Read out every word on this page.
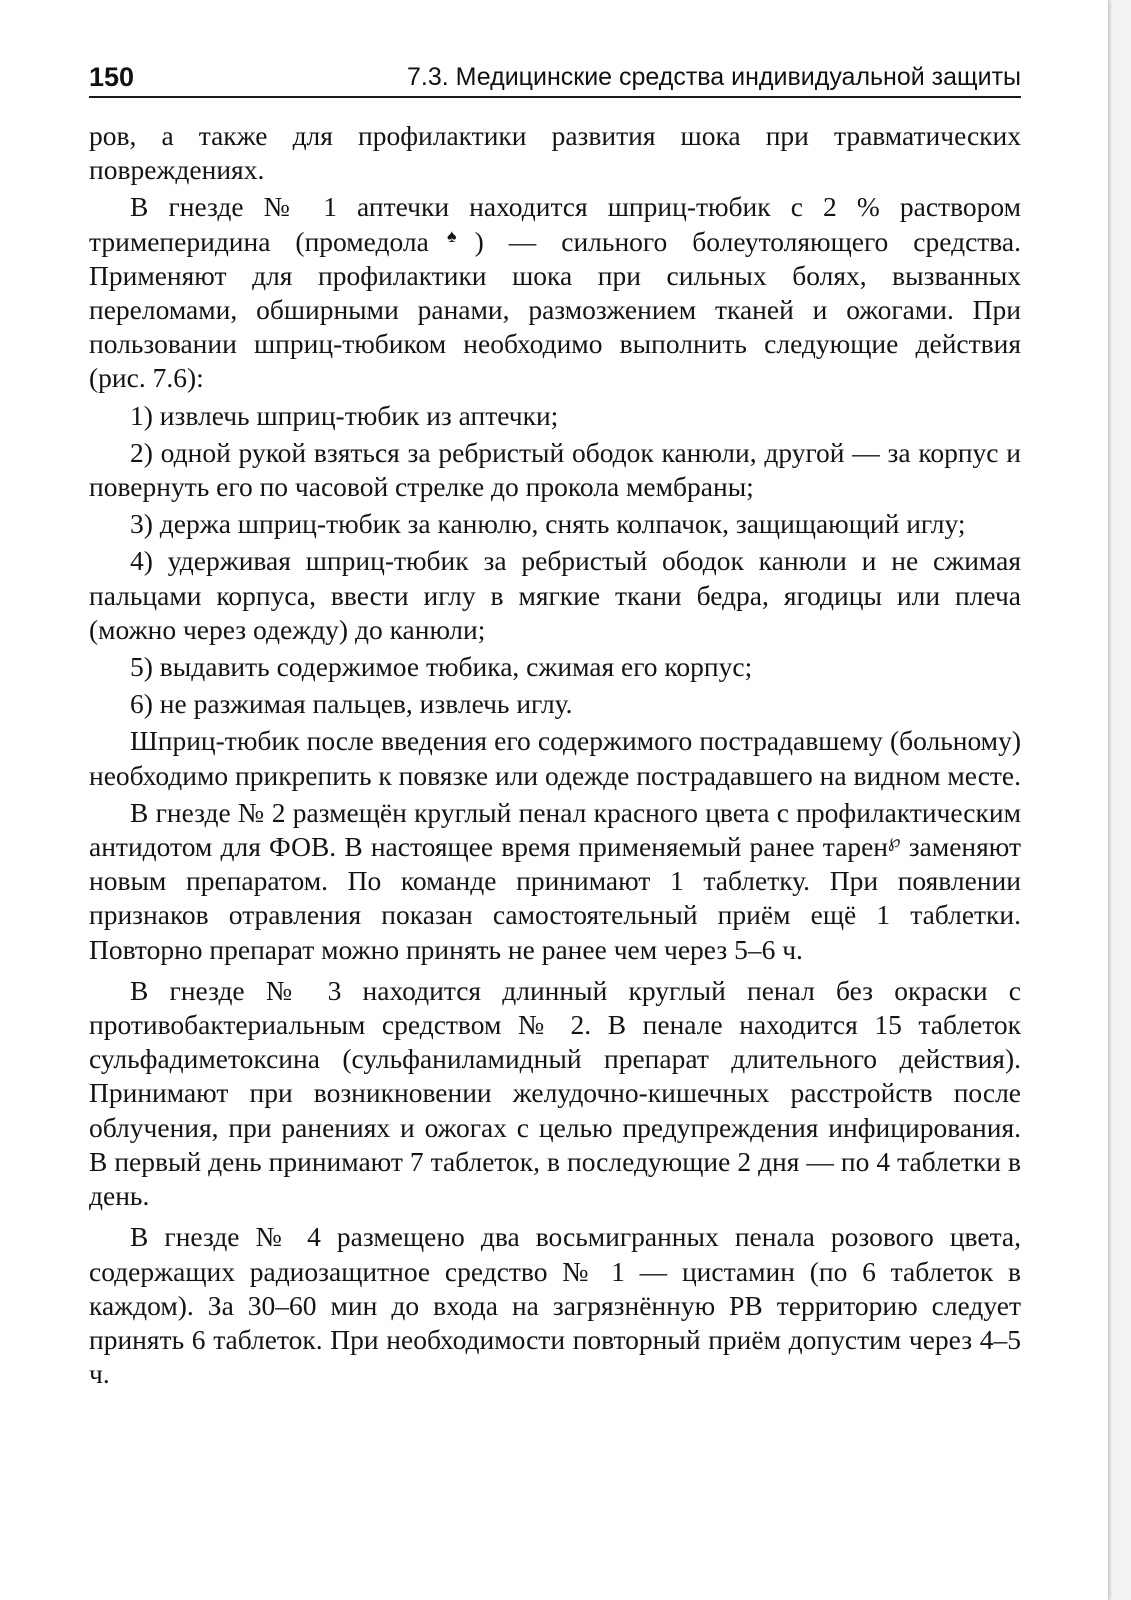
150	7.3. Медицинские средства индивидуальной защиты

ров, а также для профилактики развития шока при травматических повреждениях.

В гнезде № 1 аптечки находится шприц-тюбик с 2 % раствором тримеперидина (промедола♠) — сильного болеутоляющего средства. Применяют для профилактики шока при сильных болях, вызванных переломами, обширными ранами, размозжением тканей и ожогами. При пользовании шприц-тюбиком необходимо выполнить следующие действия (рис. 7.6):

1) извлечь шприц-тюбик из аптечки;

2) одной рукой взяться за ребристый ободок канюли, другой — за корпус и повернуть его по часовой стрелке до прокола мембраны;

3) держа шприц-тюбик за канюлю, снять колпачок, защищающий иглу;

4) удерживая шприц-тюбик за ребристый ободок канюли и не сжимая пальцами корпуса, ввести иглу в мягкие ткани бедра, ягодицы или плеча (можно через одежду) до канюли;

5) выдавить содержимое тюбика, сжимая его корпус;

6) не разжимая пальцев, извлечь иглу.

Шприц-тюбик после введения его содержимого пострадавшему (больному) необходимо прикрепить к повязке или одежде пострадавшего на видном месте.

В гнезде № 2 размещён круглый пенал красного цвета с профилактическим антидотом для ФОВ. В настоящее время применяемый ранее тарен℘ заменяют новым препаратом. По команде принимают 1 таблетку. При появлении признаков отравления показан самостоятельный приём ещё 1 таблетки. Повторно препарат можно принять не ранее чем через 5–6 ч.

В гнезде № 3 находится длинный круглый пенал без окраски с противобактериальным средством № 2. В пенале находится 15 таблеток сульфадиметоксина (сульфаниламидный препарат длительного действия). Принимают при возникновении желудочно-кишечных расстройств после облучения, при ранениях и ожогах с целью предупреждения инфицирования. В первый день принимают 7 таблеток, в последующие 2 дня — по 4 таблетки в день.

В гнезде № 4 размещено два восьмигранных пенала розового цвета, содержащих радиозащитное средство № 1 — цистамин (по 6 таблеток в каждом). За 30–60 мин до входа на загрязнённую РВ территорию следует принять 6 таблеток. При необходимости повторный приём допустим через 4–5 ч.
